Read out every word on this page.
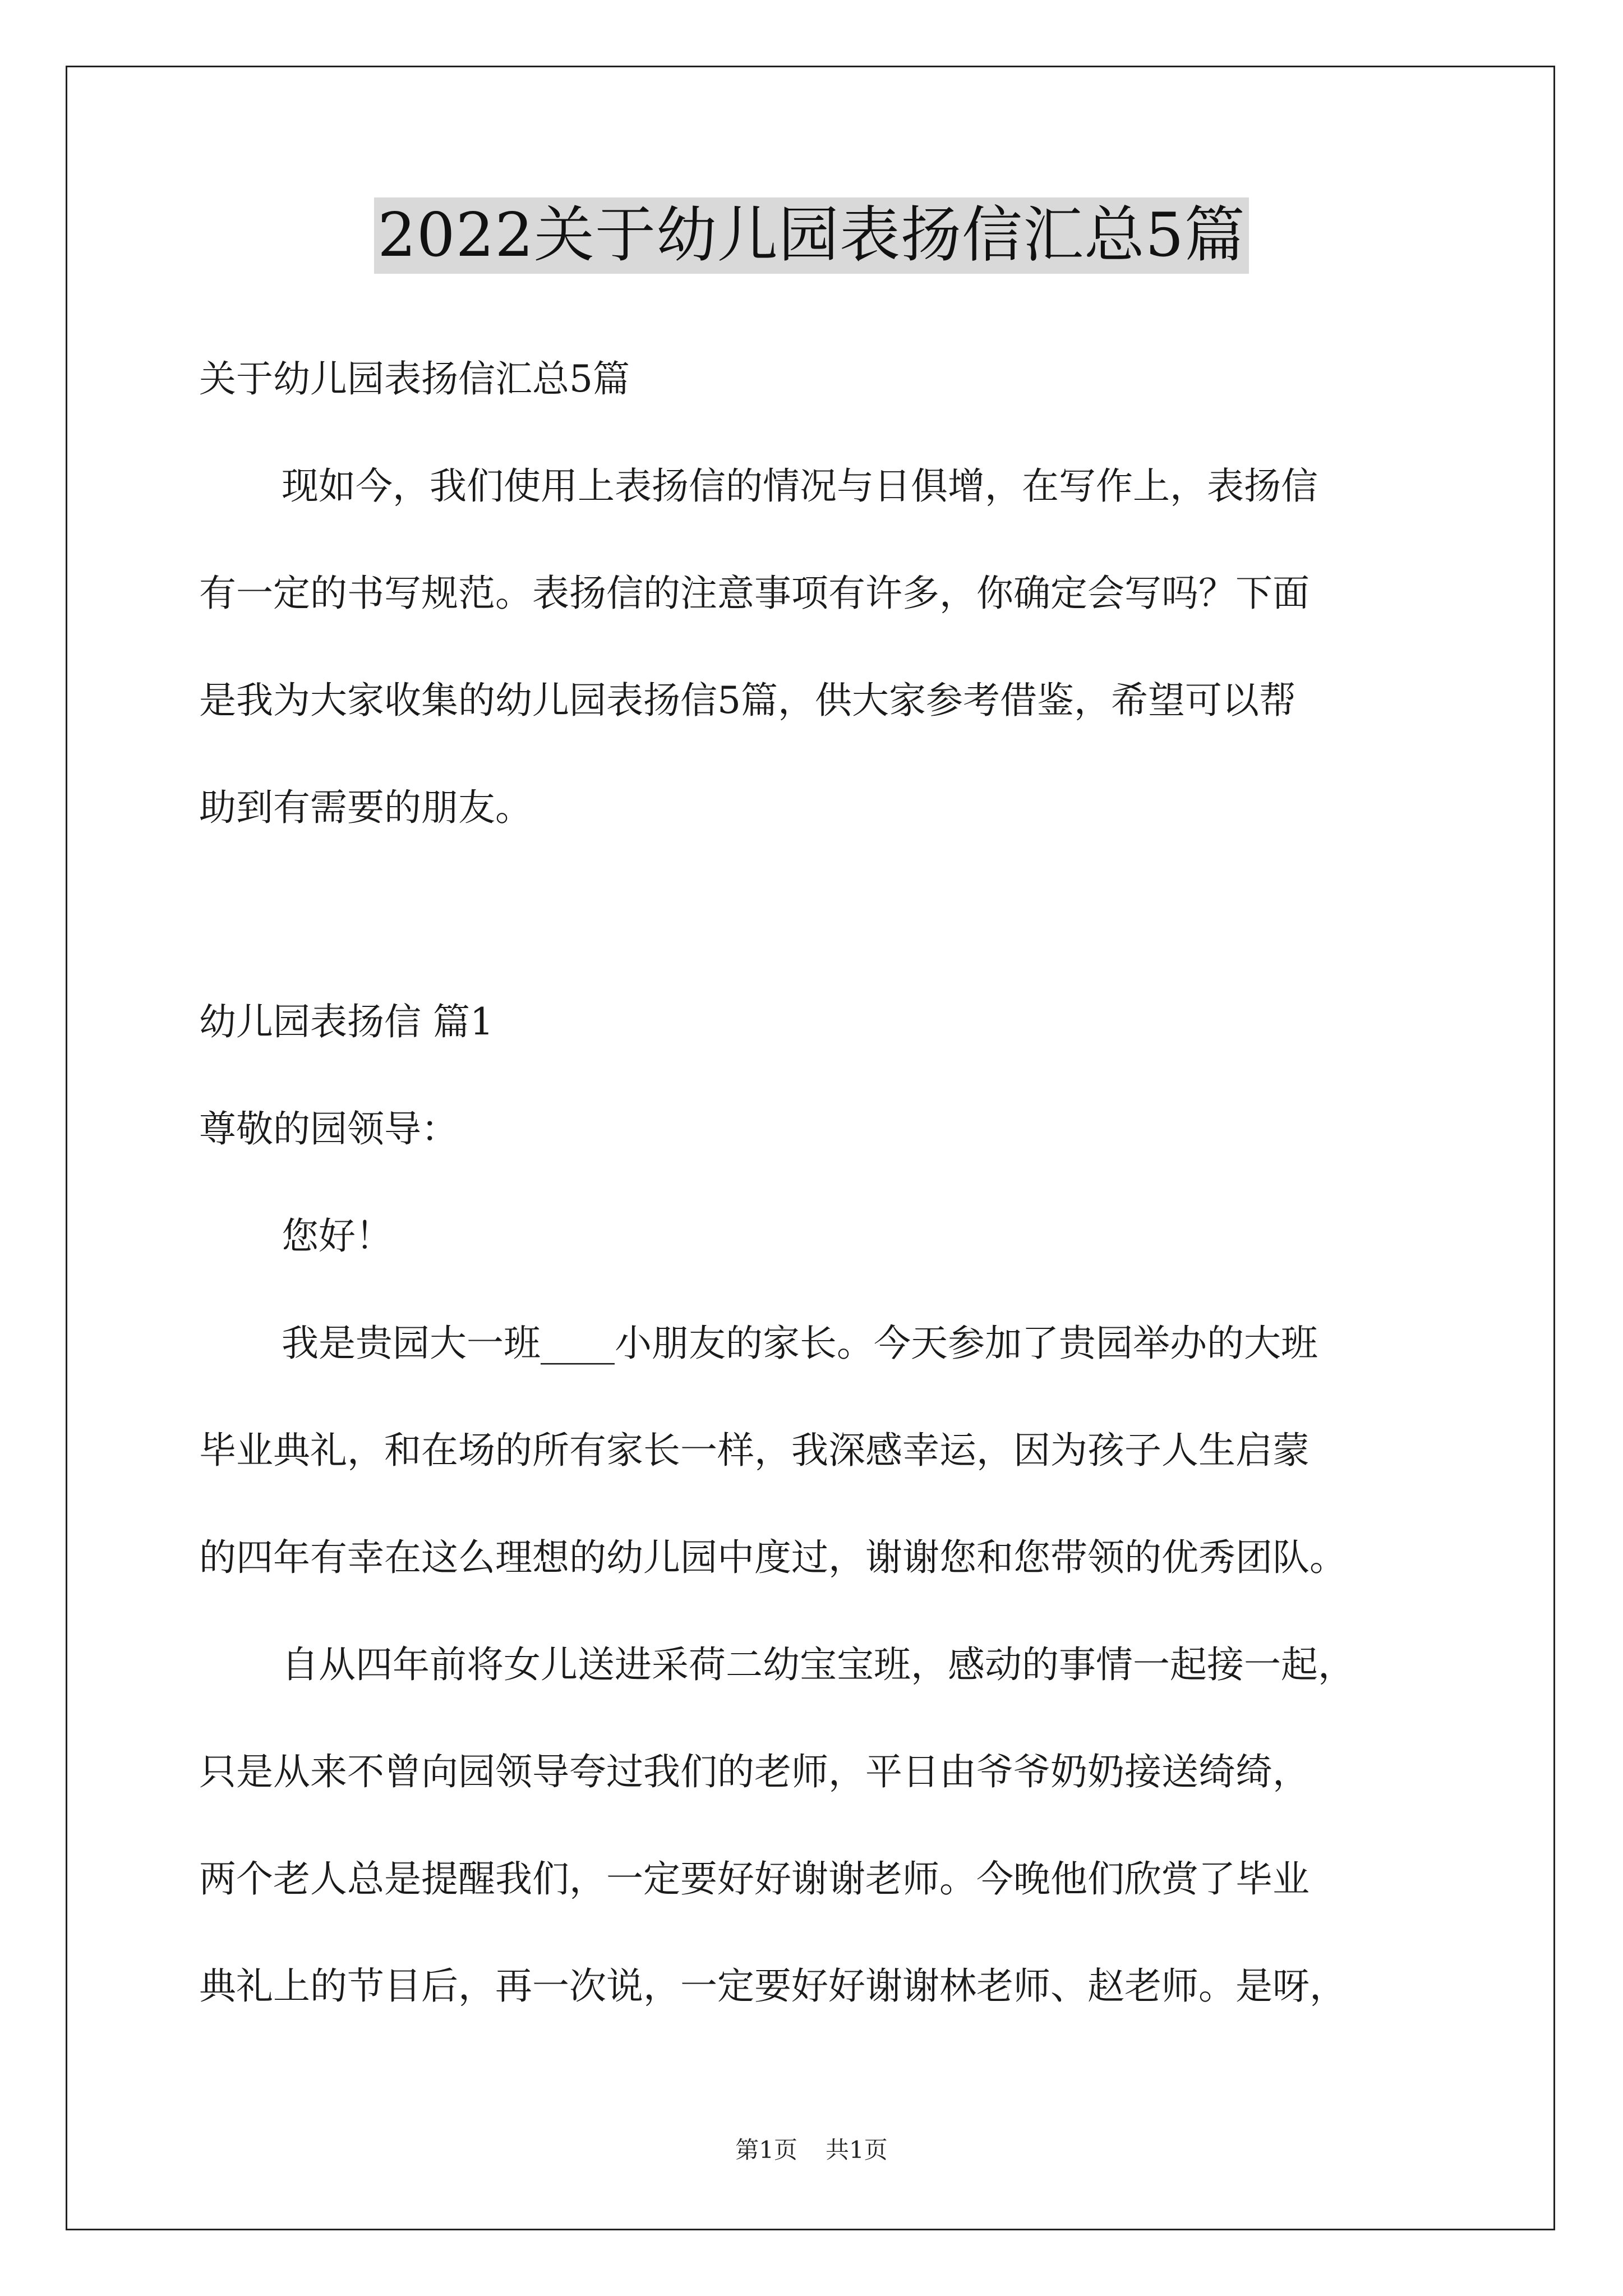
2022关于幼儿园表扬信汇总5篇
关于幼儿园表扬信汇总5篇
现如今，我们使用上表扬信的情况与日俱增，在写作上，表扬信
有一定的书写规范。表扬信的注意事项有许多，你确定会写吗？下面
是我为大家收集的幼儿园表扬信5篇，供大家参考借鉴，希望可以帮
助到有需要的朋友。
幼儿园表扬信 篇1
尊敬的园领导：
您好！
我是贵园大一班____小朋友的家长。今天参加了贵园举办的大班
毕业典礼，和在场的所有家长一样，我深感幸运，因为孩子人生启蒙
的四年有幸在这么理想的幼儿园中度过，谢谢您和您带领的优秀团队。
自从四年前将女儿送进采荷二幼宝宝班，感动的事情一起接一起，
只是从来不曾向园领导夸过我们的老师，平日由爷爷奶奶接送绮绮，
两个老人总是提醒我们，一定要好好谢谢老师。今晚他们欣赏了毕业
典礼上的节目后，再一次说，一定要好好谢谢林老师、赵老师。是呀，
第1页 共1页
